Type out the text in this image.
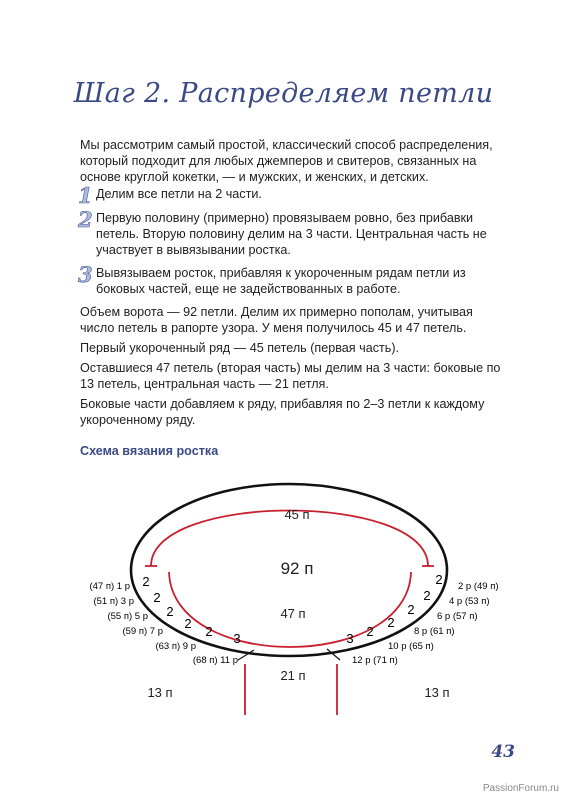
Шаг 2. Распределяем петли

Мы рассмотрим самый простой, классический способ распределения, который подходит для любых джемперов и свитеров, связанных на основе круглой кокетки, — и мужских, и женских, и детских.

1 Делим все петли на 2 части.

2 Первую половину (примерно) провязываем ровно, без прибавки петель. Вторую половину делим на 3 части. Центральная часть не участвует в вывязывании ростка.

3 Вывязываем росток, прибавляя к укороченным рядам петли из боковых частей, еще не задействованных в работе.

Объем ворота — 92 петли. Делим их примерно пополам, учитывая число петель в рапорте узора. У меня получилось 45 и 47 петель.

Первый укороченный ряд — 45 петель (первая часть).

Оставшиеся 47 петель (вторая часть) мы делим на 3 части: боковые по 13 петель, центральная часть — 21 петля.

Боковые части добавляем к ряду, прибавляя по 2–3 петли к каждому укороченному ряду.

Схема вязания ростка
45 п
92 п
47 п
21 п
13 п	13 п
2
2
2
2
2 3
2
2
2
2
2
3
(47 п) 1 р
(51 п) 3 р
(55 п) 5 р
(59 п) 7 р
(63 п) 9 р
(68 п) 11 р
2 р (49 п)
4 р (53 п)
6 р (57 п)
8 р (61 п)
10 р (65 п)
12 р (71 п)
43
PassionForum.ru
